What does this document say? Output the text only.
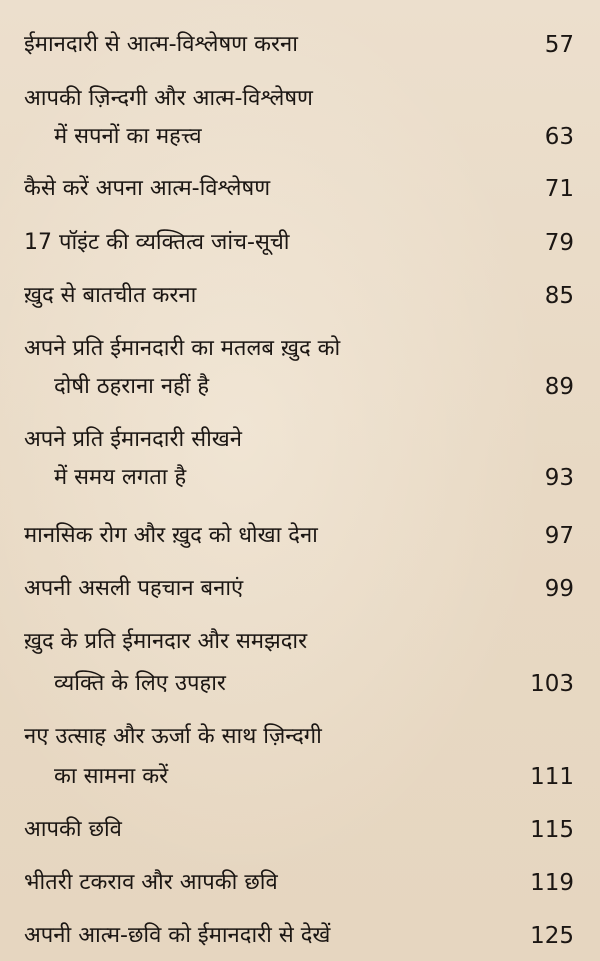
ईमानदारी से आत्म-विश्लेषण करना	57
आपकी ज़िन्दगी और आत्म-विश्लेषण
में सपनों का महत्त्व	63
कैसे करें अपना आत्म-विश्लेषण	71
17 पॉइंट की व्यक्तित्व जांच-सूची	79
ख़ुद से बातचीत करना	85
अपने प्रति ईमानदारी का मतलब ख़ुद को
दोषी ठहराना नहीं है	89
अपने प्रति ईमानदारी सीखने
में समय लगता है	93
मानसिक रोग और ख़ुद को धोखा देना	97
अपनी असली पहचान बनाएं	99
ख़ुद के प्रति ईमानदार और समझदार
व्यक्ति के लिए उपहार	103
नए उत्साह और ऊर्जा के साथ ज़िन्दगी
का सामना करें	111
आपकी छवि	115
भीतरी टकराव और आपकी छवि	119
अपनी आत्म-छवि को ईमानदारी से देखें	125
